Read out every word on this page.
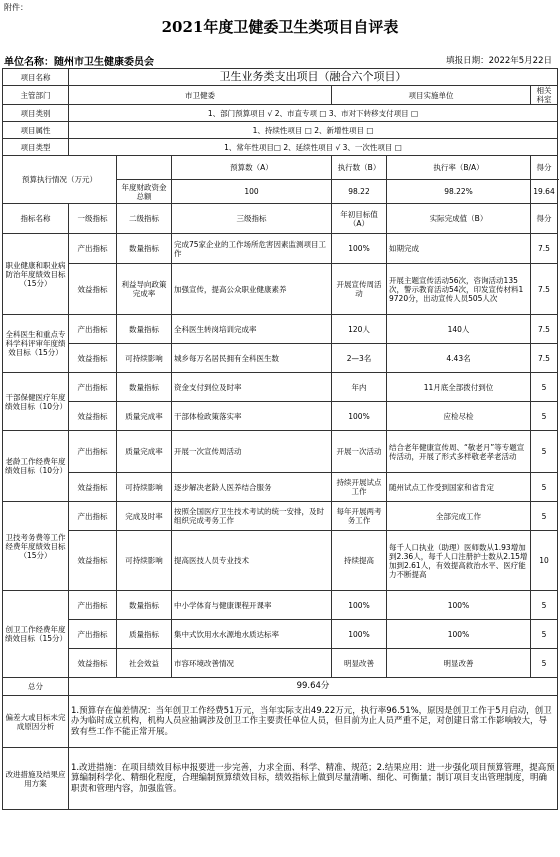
附件：
2021年度卫健委卫生类项目自评表
单位名称：随州市卫生健康委员会	填报日期：2022年5月22日
项目名称	卫生业务类支出项目（融合六个项目）					
主管部门	市卫健委			项目实施单位		相关科室
项目类别	1、部门预算项目 √ 2、市直专项 □ 3、市对下转移支付项目 □					
项目属性	1、持续性项目 □ 2、新增性项目 □					
项目类型	1、常年性项目□ 2、延续性项目 √ 3、一次性项目 □					
预算执行情况（万元）			预算数（A）	执行数（B）	执行率（B/A）	得分
		年度财政资金总额	100	98.22	98.22%	19.64
指标名称	一级指标	二级指标	三级指标	年初目标值（A）	实际完成值（B）	得分
职业健康和职业病防治年度绩效目标（15分）	产出指标	数量指标	完成75家企业的工作场所危害因素监测项目工作	100%	如期完成	7.5
	效益指标	利益导向政策完成率	加强宣传，提高公众职业健康素养	开展宣传周活动	开展主题宣传活动56次，咨询活动135次，警示教育活动54次，印发宣传材料19720分，出动宣传人员505人次	7.5
全科医生和重点专科学科评审年度绩效目标（15分）	产出指标	数量指标	全科医生转岗培训完成率	120人	140人	7.5
	效益指标	可持续影响	城乡每万名居民拥有全科医生数	2—3名	4.43名	7.5
干部保健医疗年度绩效目标（10分）	产出指标	数量指标	资金支付到位及时率	年内	11月底全部拨付到位	5
	效益指标	质量完成率	干部体检政策落实率	100%	应检尽检	5
老龄工作经费年度绩效目标（10分）	产出指标	质量完成率	开展一次宣传周活动	开展一次活动	结合老年健康宣传周、“敬老月”等专题宣传活动，开展了形式多样敬老孝老活动	5
	效益指标	可持续影响	逐步解决老龄人医养结合服务	持续开展试点工作	随州试点工作受到国家和省肯定	5
卫技考务费等工作经费年度绩效目标（15分）	产出指标	完成及时率	按照全国医疗卫生技术考试的统一安排，及时组织完成考务工作	每年开展两考务工作	全部完成工作	5
	效益指标	可持续影响	提高医技人员专业技术	持续提高	每千人口执业（助理）医师数从1.93增加到2.36人，每千人口注册护士数从2.15增加到2.61人，有效提高救治水平、医疗能力不断提高	10
创卫工作经费年度绩效目标（15分）	产出指标	数量指标	中小学体育与健康课程开课率	100%	100%	5
	产出指标	质量指标	集中式饮用水水源地水质达标率	100%	100%	5
	效益指标	社会效益	市容环境改善情况	明显改善	明显改善	5
总分	99.64分					
偏差大或目标未完成原因分析	1.预算存在偏差情况：当年创卫工作经费51万元，当年实际支出49.22万元，执行率96.51%，原因是创卫工作于5月启动，创卫办为临时成立机构，机构人员应抽调涉及创卫工作主要责任单位人员，但目前为止人员严重不足，对创建日常工作影响较大，导致有些工作不能正常开展。					
改进措施及结果应用方案	1.改进措施：在项目绩效目标申报要进一步完善，力求全面、科学、精准、规范；2.结果应用：进一步强化项目预算管理，提高预算编制科学化、精细化程度，合理编制预算绩效目标，绩效指标上做到尽量清晰、细化、可衡量；制订项目支出管理制度，明确职责和管理内容，加强监管。					
